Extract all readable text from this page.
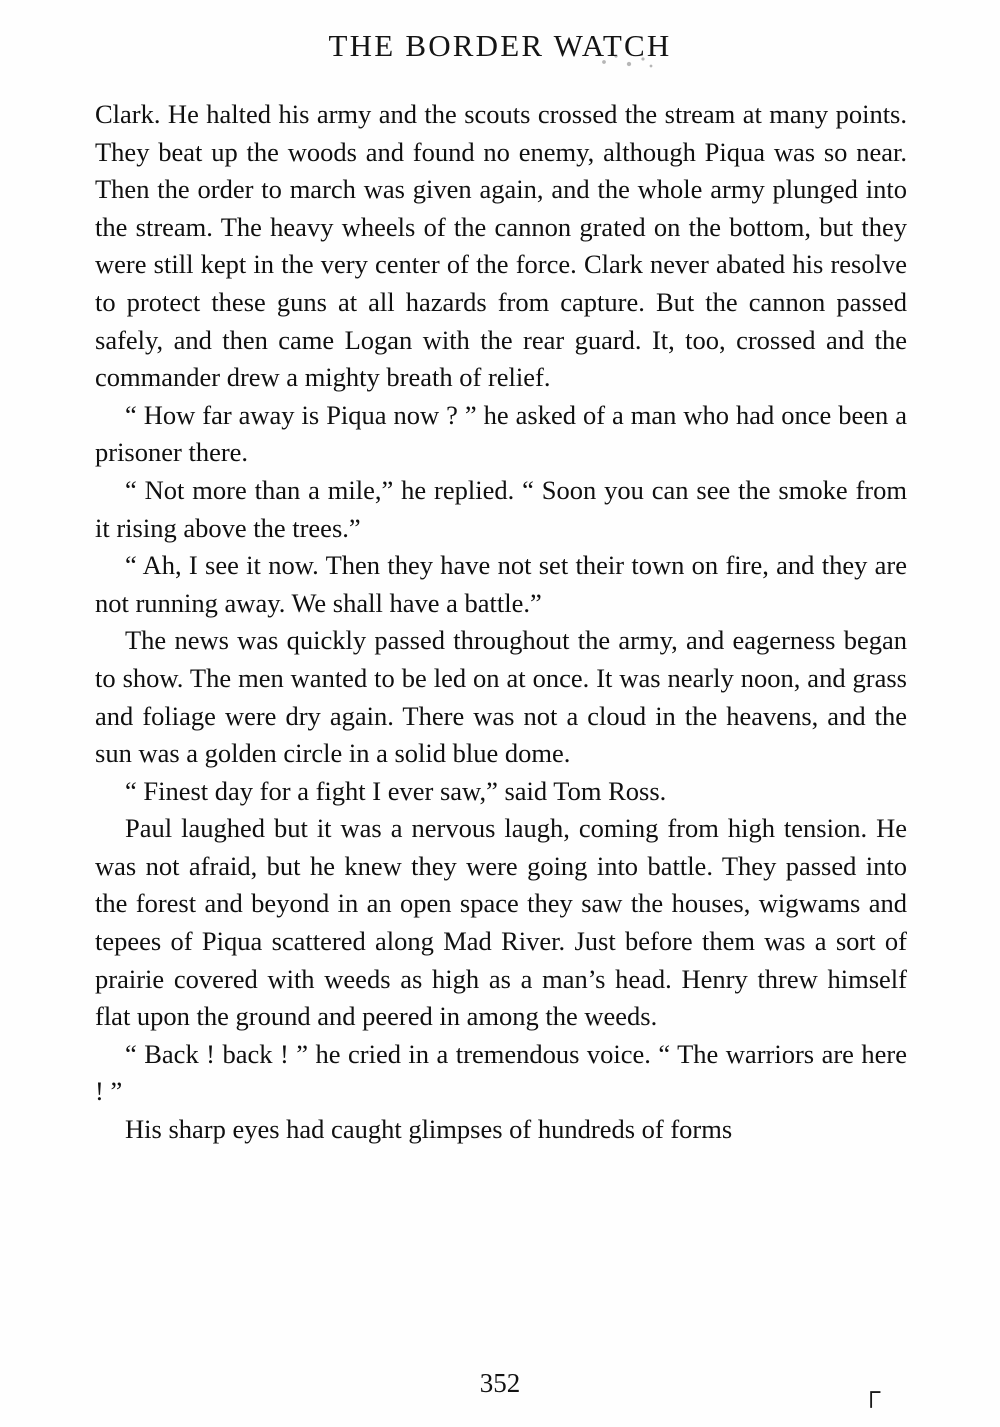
THE BORDER WATCH

Clark. He halted his army and the scouts crossed the stream at many points. They beat up the woods and found no enemy, although Piqua was so near. Then the order to march was given again, and the whole army plunged into the stream. The heavy wheels of the cannon grated on the bottom, but they were still kept in the very center of the force. Clark never abated his resolve to protect these guns at all hazards from capture. But the cannon passed safely, and then came Logan with the rear guard. It, too, crossed and the commander drew a mighty breath of relief.

“ How far away is Piqua now ? ” he asked of a man who had once been a prisoner there.

“ Not more than a mile,” he replied. “ Soon you can see the smoke from it rising above the trees.”

“ Ah, I see it now. Then they have not set their town on fire, and they are not running away. We shall have a battle.”

The news was quickly passed throughout the army, and eagerness began to show. The men wanted to be led on at once. It was nearly noon, and grass and foliage were dry again. There was not a cloud in the heavens, and the sun was a golden circle in a solid blue dome.

“ Finest day for a fight I ever saw,” said Tom Ross.

Paul laughed but it was a nervous laugh, coming from high tension. He was not afraid, but he knew they were going into battle. They passed into the forest and beyond in an open space they saw the houses, wigwams and tepees of Piqua scattered along Mad River. Just before them was a sort of prairie covered with weeds as high as a man’s head. Henry threw himself flat upon the ground and peered in among the weeds.

“ Back ! back ! ” he cried in a tremendous voice. “ The warriors are here ! ”

His sharp eyes had caught glimpses of hundreds of forms

352	┌
